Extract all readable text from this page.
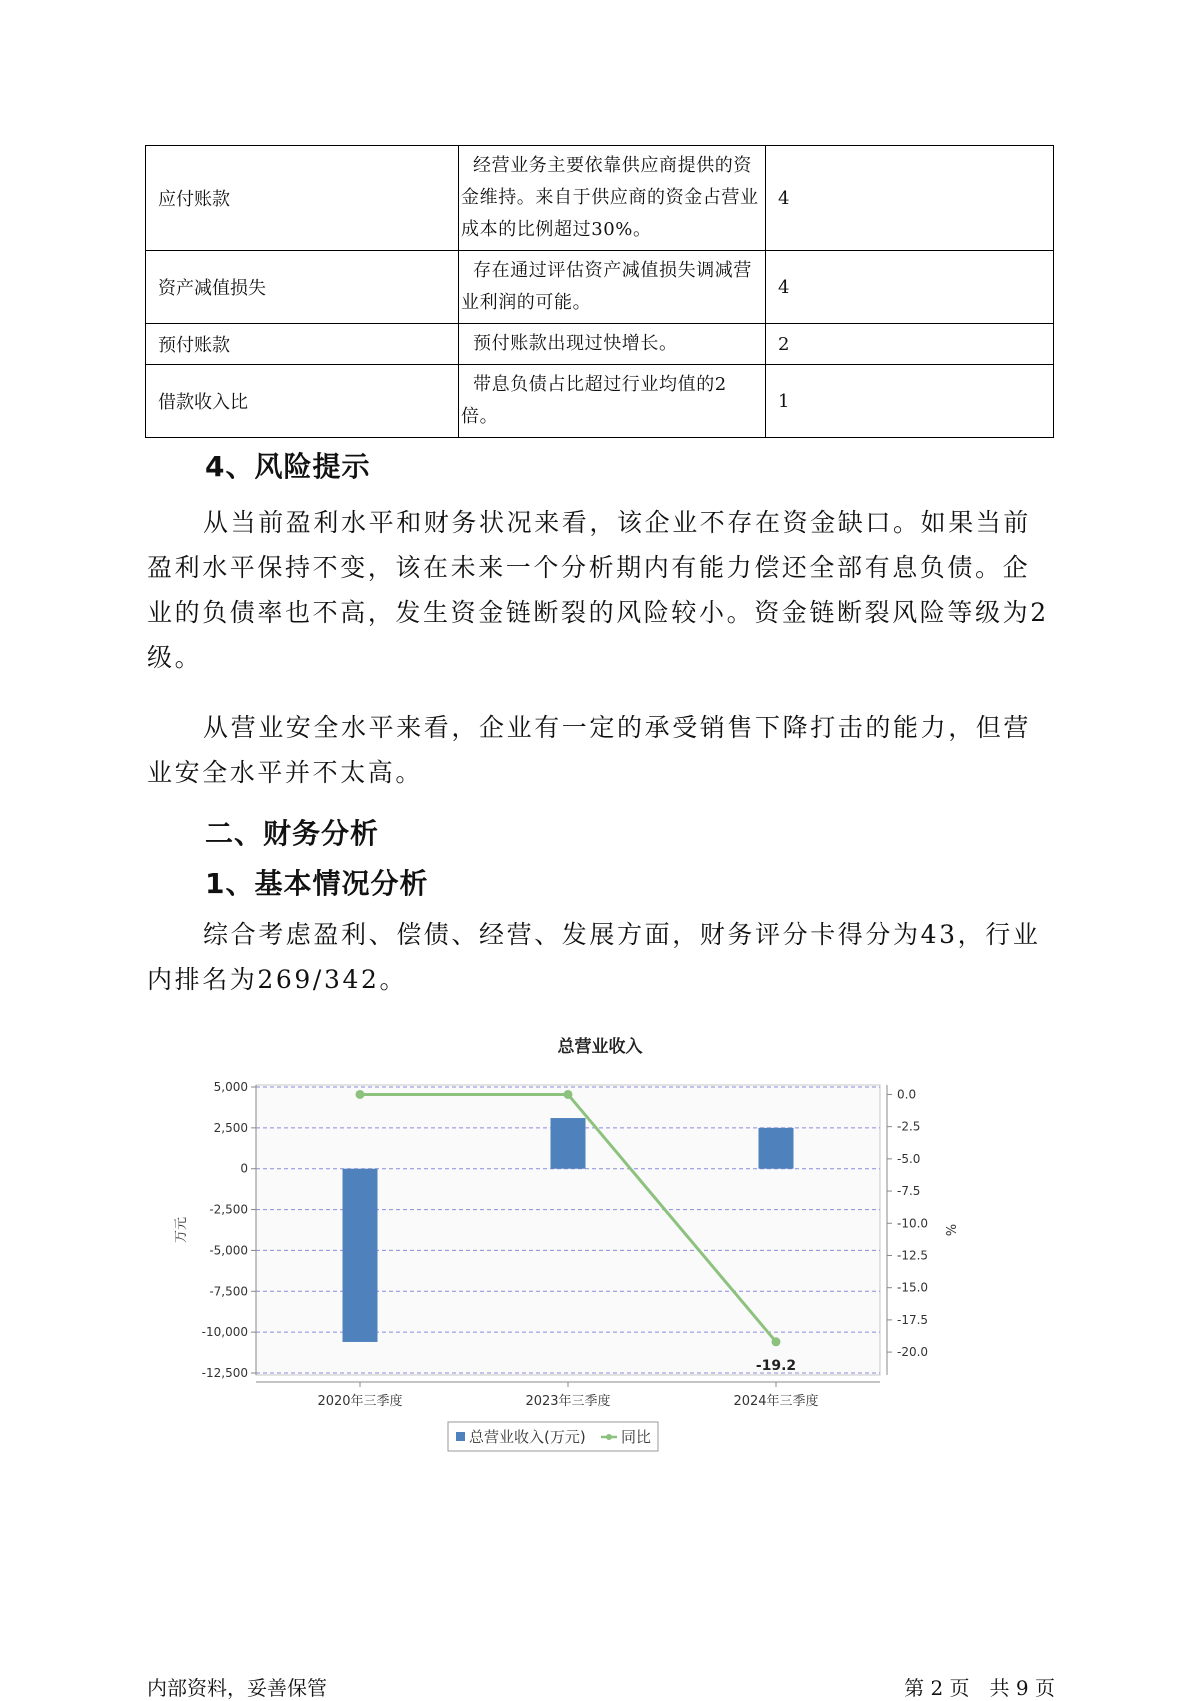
应付账款	经营业务主要依靠供应商提供的资金维持。来自于供应商的资金占营业成本的比例超过30%。	4
资产减值损失	存在通过评估资产减值损失调减营业利润的可能。	4
预付账款	预付账款出现过快增长。	2
借款收入比	带息负债占比超过行业均值的2倍。	1
4、风险提示
从当前盈利水平和财务状况来看，该企业不存在资金缺口。如果当前盈利水平保持不变，该在未来一个分析期内有能力偿还全部有息负债。企业的负债率也不高，发生资金链断裂的风险较小。资金链断裂风险等级为2级。
从营业安全水平来看，企业有一定的承受销售下降打击的能力，但营业安全水平并不太高。
二、财务分析
1、基本情况分析
综合考虑盈利、偿债、经营、发展方面，财务评分卡得分为43，行业内排名为269/342。
总营业收入
5,000
2,500
0
-2,500
-5,000
-7,500
-10,000
-12,500
0.0
-2.5
-5.0
-7.5
-10.0
-12.5
-15.0
-17.5
-20.0
-19.2
2020年三季度	2023年三季度	2024年三季度
万元	%
总营业收入(万元) 同比
内部资料，妥善保管	第 2 页　共 9 页
